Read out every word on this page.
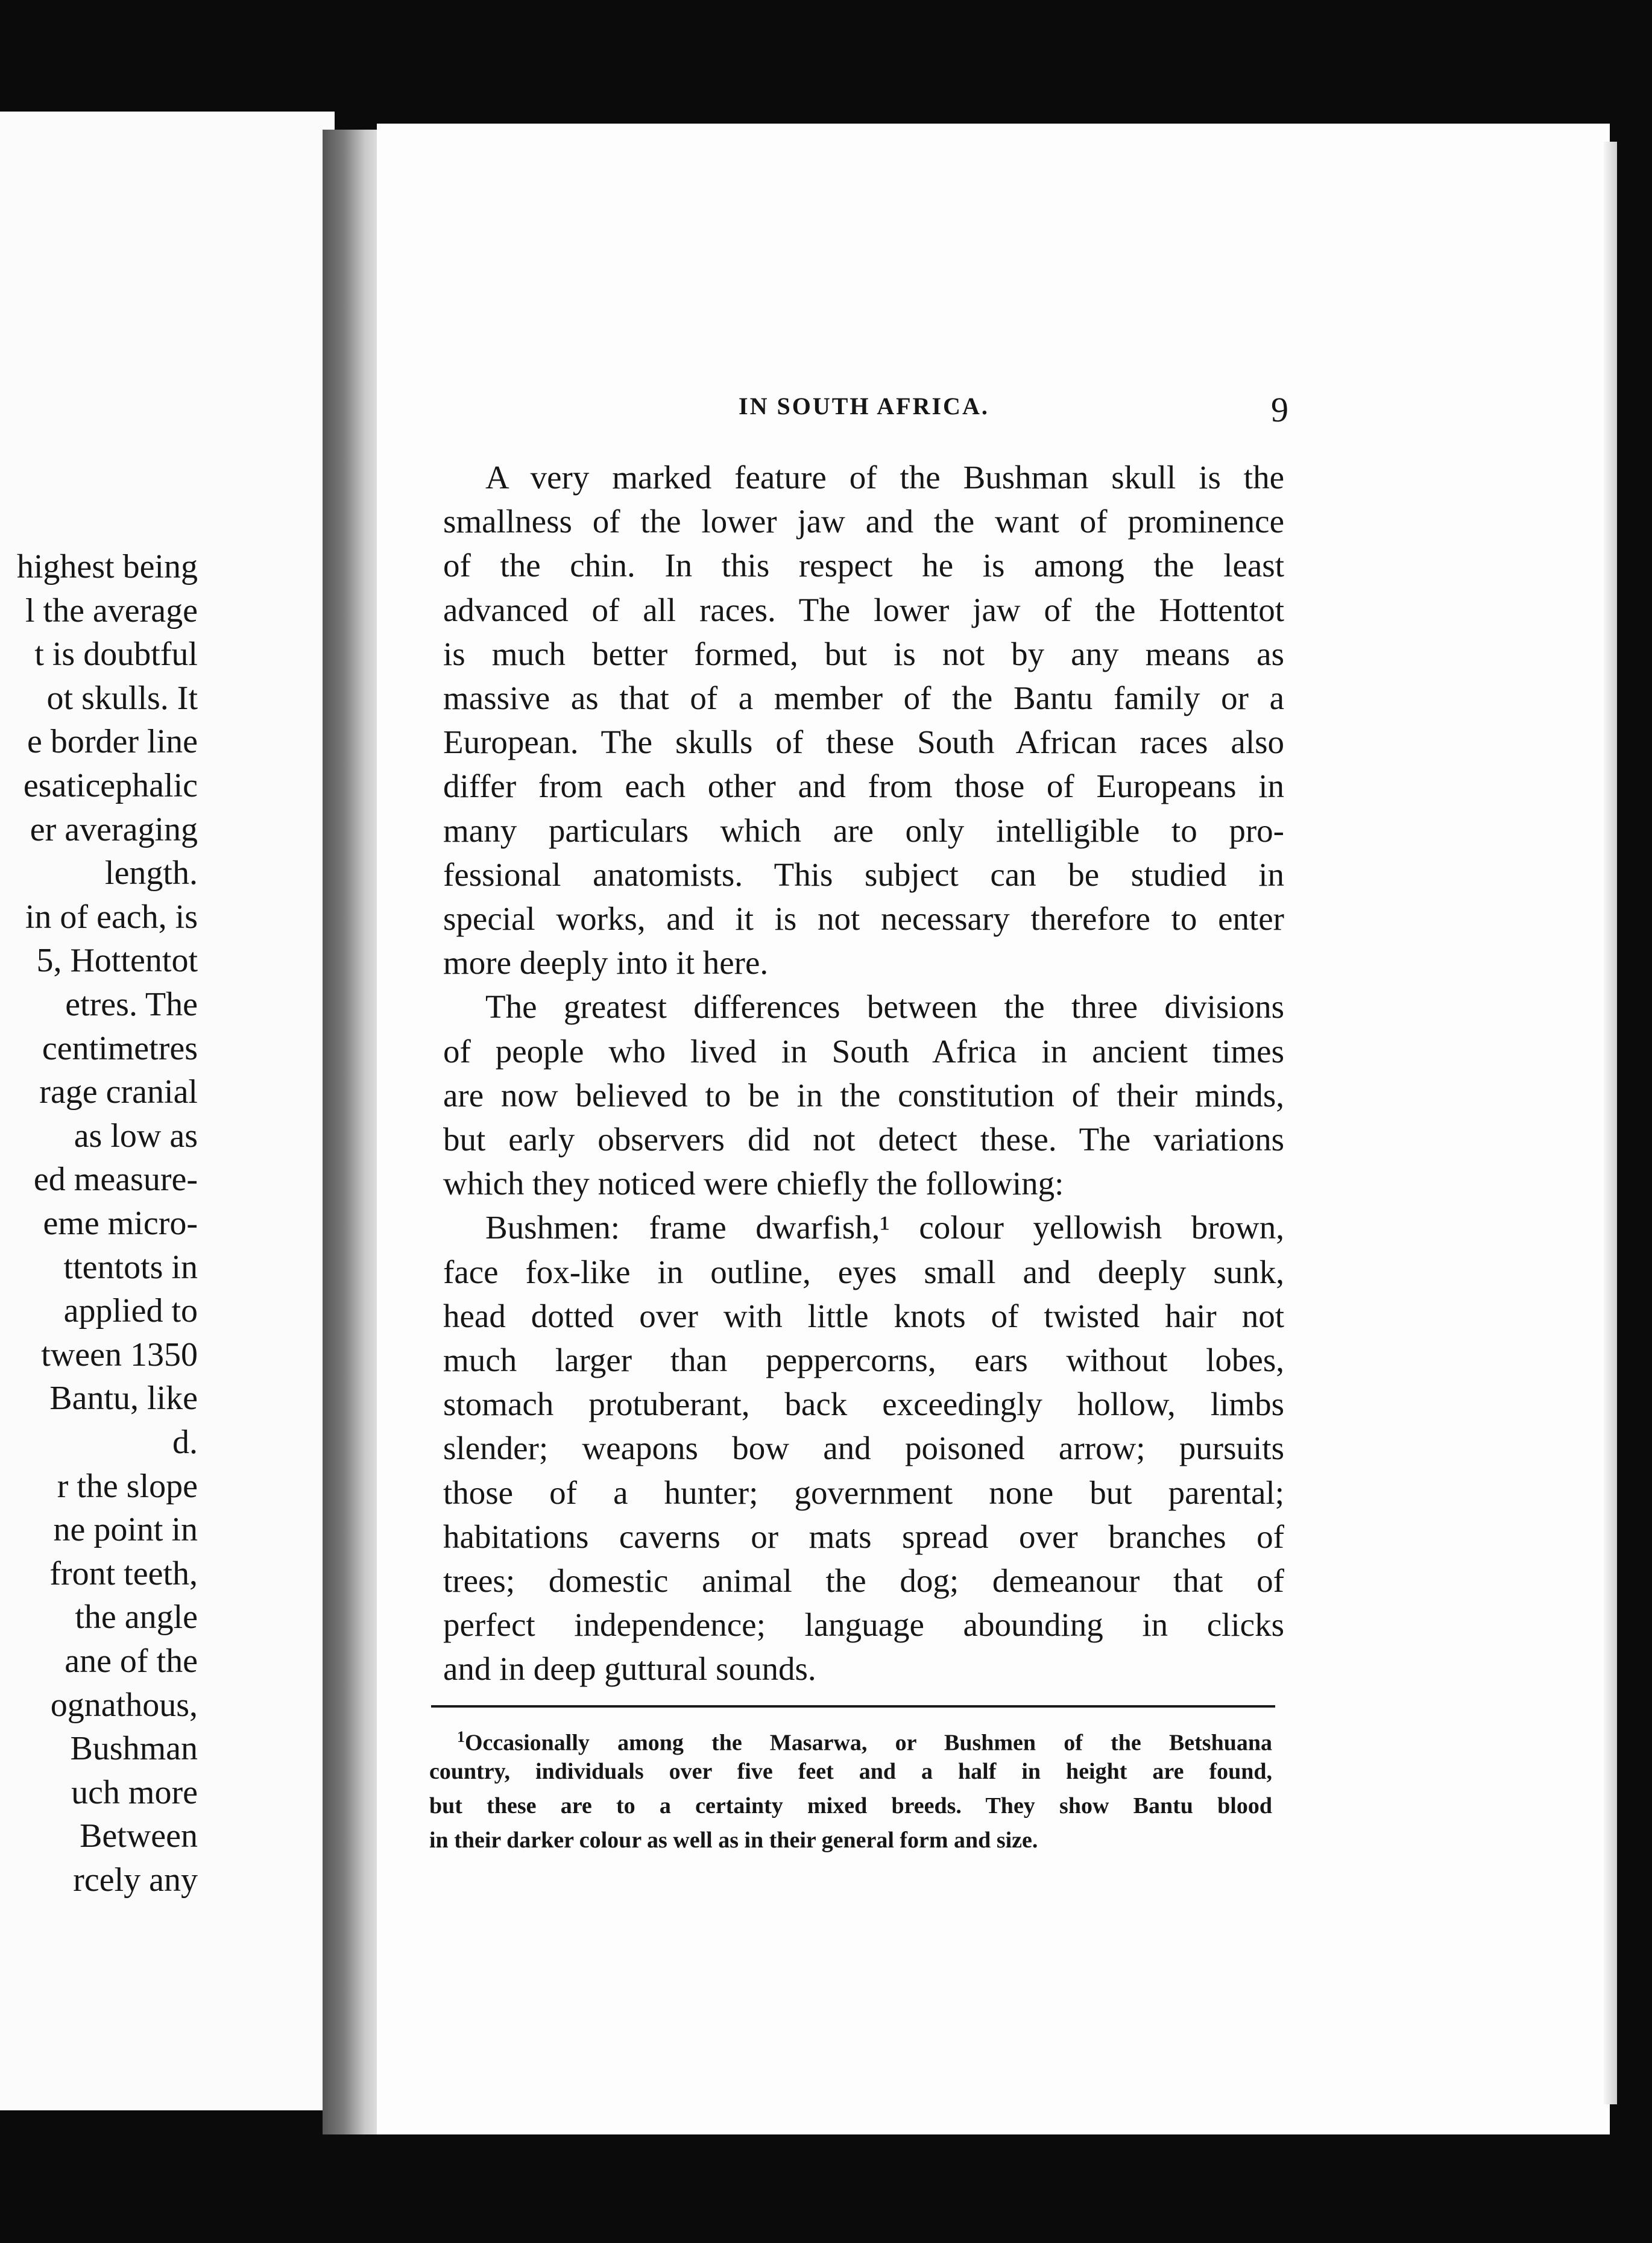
highest being
l the average
t is doubtful
ot skulls. It
e border line
esaticephalic
er averaging
length.
in of each, is
5, Hottentot
etres. The
centimetres
rage cranial
as low as
ed measure-
eme micro-
ttentots in
applied to
tween 1350
Bantu, like
d.
r the slope
ne point in
front teeth,
the angle
ane of the
ognathous,
Bushman
uch more
Between
rcely any
IN SOUTH AFRICA.	9
A very marked feature of the Bushman skull is the
smallness of the lower jaw and the want of prominence
of the chin. In this respect he is among the least
advanced of all races. The lower jaw of the Hottentot
is much better formed, but is not by any means as
massive as that of a member of the Bantu family or a
European. The skulls of these South African races also
differ from each other and from those of Europeans in
many particulars which are only intelligible to pro-
fessional anatomists. This subject can be studied in
special works, and it is not necessary therefore to enter
more deeply into it here.
The greatest differences between the three divisions
of people who lived in South Africa in ancient times
are now believed to be in the constitution of their minds,
but early observers did not detect these. The variations
which they noticed were chiefly the following:
Bushmen: frame dwarfish,¹ colour yellowish brown,
face fox-like in outline, eyes small and deeply sunk,
head dotted over with little knots of twisted hair not
much larger than peppercorns, ears without lobes,
stomach protuberant, back exceedingly hollow, limbs
slender; weapons bow and poisoned arrow; pursuits
those of a hunter; government none but parental;
habitations caverns or mats spread over branches of
trees; domestic animal the dog; demeanour that of
perfect independence; language abounding in clicks
and in deep guttural sounds.
$^1$Occasionally among the Masarwa, or Bushmen of the Betshuana
country, individuals over five feet and a half in height are found,
but these are to a certainty mixed breeds. They show Bantu blood
in their darker colour as well as in their general form and size.
